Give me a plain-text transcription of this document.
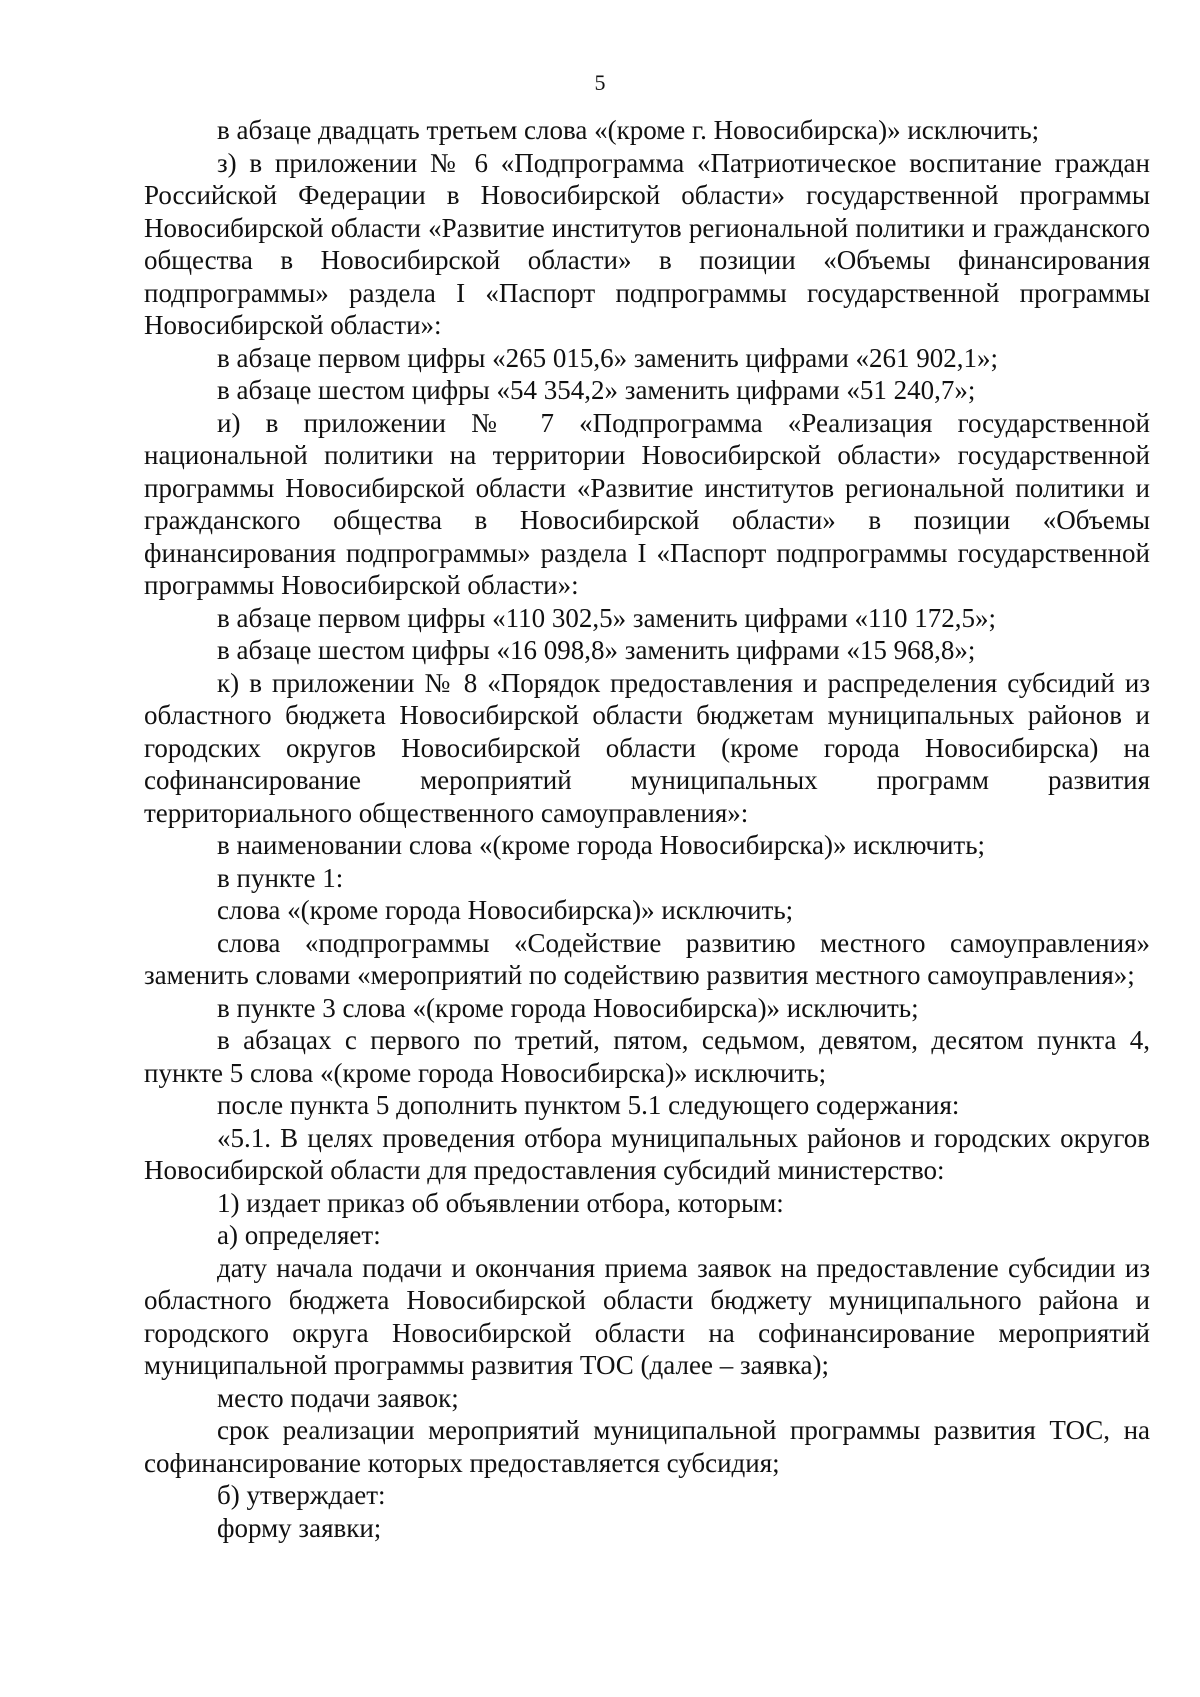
5

в абзаце двадцать третьем слова «(кроме г. Новосибирска)» исключить;

з) в приложении № 6 «Подпрограмма «Патриотическое воспитание граждан Российской Федерации в Новосибирской области» государственной программы Новосибирской области «Развитие институтов региональной политики и гражданского общества в Новосибирской области» в позиции «Объемы финансирования подпрограммы» раздела I «Паспорт подпрограммы государственной программы Новосибирской области»:

в абзаце первом цифры «265 015,6» заменить цифрами «261 902,1»;

в абзаце шестом цифры «54 354,2» заменить цифрами «51 240,7»;

и) в приложении № 7 «Подпрограмма «Реализация государственной национальной политики на территории Новосибирской области» государственной программы Новосибирской области «Развитие институтов региональной политики и гражданского общества в Новосибирской области» в позиции «Объемы финансирования подпрограммы» раздела I «Паспорт подпрограммы государственной программы Новосибирской области»:

в абзаце первом цифры «110 302,5» заменить цифрами «110 172,5»;

в абзаце шестом цифры «16 098,8» заменить цифрами «15 968,8»;

к) в приложении № 8 «Порядок предоставления и распределения субсидий из областного бюджета Новосибирской области бюджетам муниципальных районов и городских округов Новосибирской области (кроме города Новосибирска) на софинансирование мероприятий муниципальных программ развития территориального общественного самоуправления»:

в наименовании слова «(кроме города Новосибирска)» исключить;

в пункте 1:

слова «(кроме города Новосибирска)» исключить;

слова «подпрограммы «Содействие развитию местного самоуправления» заменить словами «мероприятий по содействию развития местного самоуправления»;

в пункте 3 слова «(кроме города Новосибирска)» исключить;

в абзацах с первого по третий, пятом, седьмом, девятом, десятом пункта 4, пункте 5 слова «(кроме города Новосибирска)» исключить;

после пункта 5 дополнить пунктом 5.1 следующего содержания:

«5.1. В целях проведения отбора муниципальных районов и городских округов Новосибирской области для предоставления субсидий министерство:

1) издает приказ об объявлении отбора, которым:

а) определяет:

дату начала подачи и окончания приема заявок на предоставление субсидии из областного бюджета Новосибирской области бюджету муниципального района и городского округа Новосибирской области на софинансирование мероприятий муниципальной программы развития ТОС (далее – заявка);

место подачи заявок;

срок реализации мероприятий муниципальной программы развития ТОС, на софинансирование которых предоставляется субсидия;

б) утверждает:

форму заявки;
